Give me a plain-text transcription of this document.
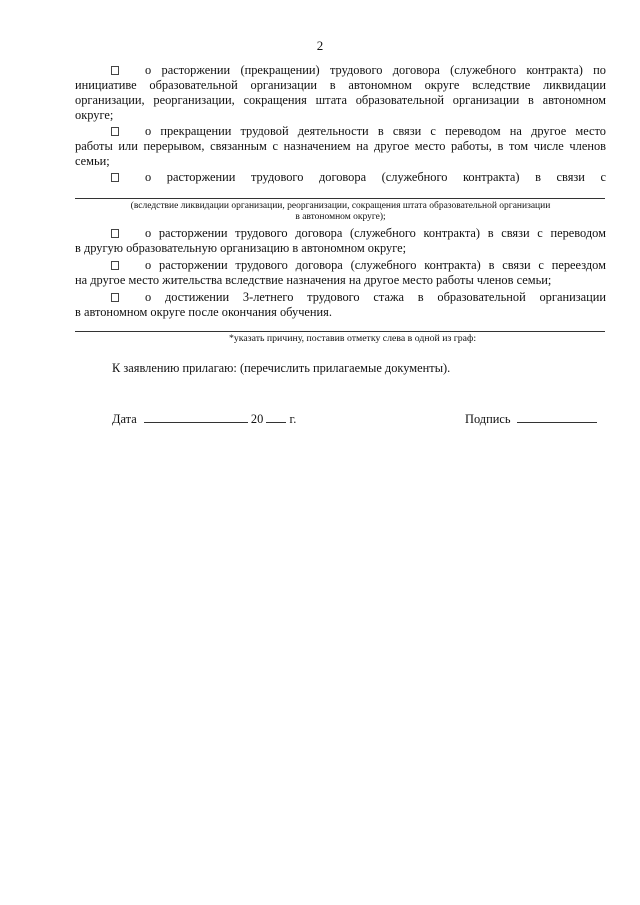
2
о расторжении (прекращении) трудового договора (служебного контракта) по
инициативе образовательной организации в автономном округе вследствие ликвидации
организации, реорганизации, сокращения штата образовательной организации в автономном
округе;
о прекращении трудовой деятельности в связи с переводом на другое место
работы или перерывом, связанным с назначением на другое место работы, в том числе членов
семьи;
о расторжении трудового договора (служебного контракта) в связи с
(вследствие ликвидации организации, реорганизации, сокращения штата образовательной организации
в автономном округе);
о расторжении трудового договора (служебного контракта) в связи с переводом
в другую образовательную организацию в автономном округе;
о расторжении трудового договора (служебного контракта) в связи с переездом
на другое место жительства вследствие назначения на другое место работы членов семьи;
о достижении 3-летнего трудового стажа в образовательной организации
в автономном округе после окончания обучения.
*указать причину, поставив отметку слева в одной из граф:
К заявлению прилагаю: (перечислить прилагаемые документы).
Дата	20 г.	Подпись
